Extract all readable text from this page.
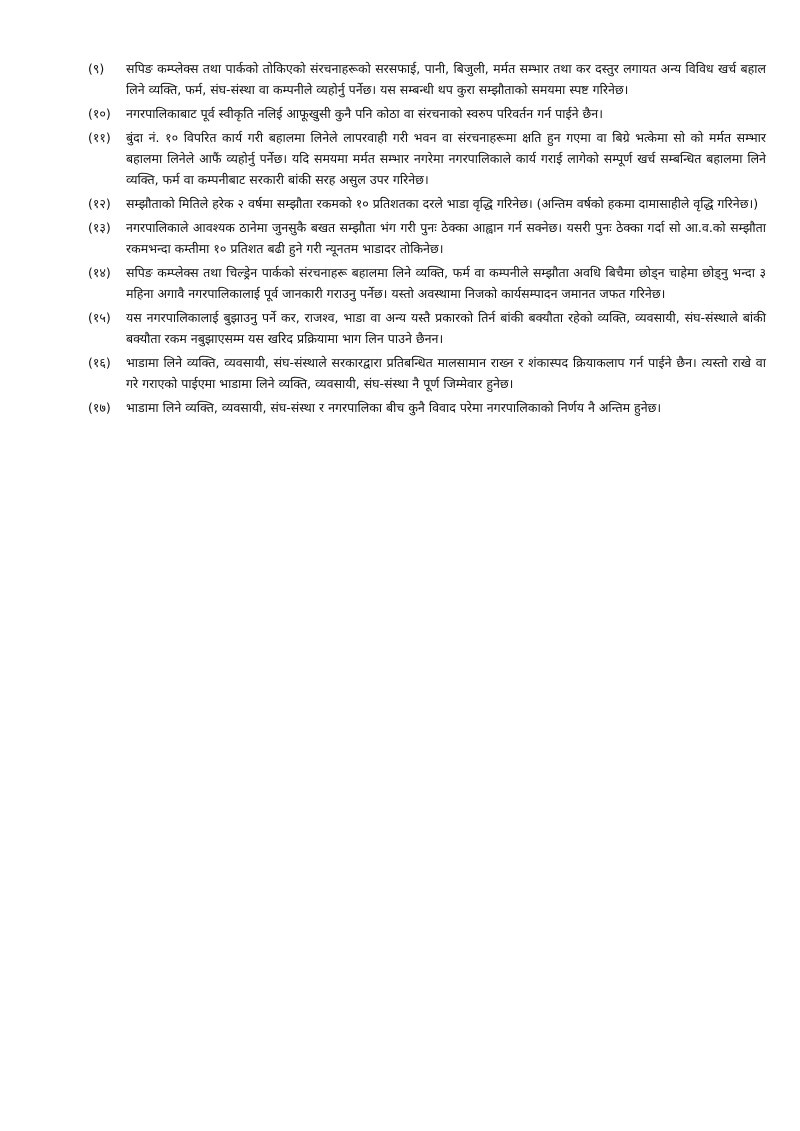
(९)	सपिङ कम्प्लेक्स तथा पार्कको तोकिएको संरचनाहरूको सरसफाई, पानी, बिजुली, मर्मत सम्भार तथा कर दस्तुर लगायत अन्य विविध खर्च बहाल लिने व्यक्ति, फर्म, संघ-संस्था वा कम्पनीले व्यहोर्नु पर्नेछ। यस सम्बन्धी थप कुरा सम्झौताको समयमा स्पष्ट गरिनेछ।
(१०)	नगरपालिकाबाट पूर्व स्वीकृति नलिई आफूखुसी कुनै पनि कोठा वा संरचनाको स्वरुप परिवर्तन गर्न पाईने छैन।
(११)	बुंदा नं. १० विपरित कार्य गरी बहालमा लिनेले लापरवाही गरी भवन वा संरचनाहरूमा क्षति हुन गएमा वा बिग्रे भत्केमा सो को मर्मत सम्भार बहालमा लिनेले आफैं व्यहोर्नु पर्नेछ। यदि समयमा मर्मत सम्भार नगरेमा नगरपालिकाले कार्य गराई लागेको सम्पूर्ण खर्च सम्बन्धित बहालमा लिने व्यक्ति, फर्म वा कम्पनीबाट सरकारी बांकी सरह असुल उपर गरिनेछ।
(१२)	सम्झौताको मितिले हरेक २ वर्षमा सम्झौता रकमको १० प्रतिशतका दरले भाडा वृद्धि गरिनेछ। (अन्तिम वर्षको हकमा दामासाहीले वृद्धि गरिनेछ।)
(१३)	नगरपालिकाले आवश्यक ठानेमा जुनसुकै बखत सम्झौता भंग गरी पुनः ठेक्का आह्वान गर्न सक्नेछ। यसरी पुनः ठेक्का गर्दा सो आ.व.को सम्झौता रकमभन्दा कम्तीमा १० प्रतिशत बढी हुने गरी न्यूनतम भाडादर तोकिनेछ।
(१४)	सपिङ कम्प्लेक्स तथा चिल्ड्रेन पार्कको संरचनाहरू बहालमा लिने व्यक्ति, फर्म वा कम्पनीले सम्झौता अवधि बिचैमा छोड्न चाहेमा छोड्नु भन्दा ३ महिना अगावै नगरपालिकालाई पूर्व जानकारी गराउनु पर्नेछ। यस्तो अवस्थामा निजको कार्यसम्पादन जमानत जफत गरिनेछ।
(१५)	यस नगरपालिकालाई बुझाउनु पर्ने कर, राजश्व, भाडा वा अन्य यस्तै प्रकारको तिर्न बांकी बक्यौता रहेको व्यक्ति, व्यवसायी, संघ-संस्थाले बांकी बक्यौता रकम नबुझाएसम्म यस खरिद प्रक्रियामा भाग लिन पाउने छैनन।
(१६)	भाडामा लिने व्यक्ति, व्यवसायी, संघ-संस्थाले सरकारद्वारा प्रतिबन्धित मालसामान राख्न र शंकास्पद क्रियाकलाप गर्न पाईने छैन। त्यस्तो राखे वा गरे गराएको पाईएमा भाडामा लिने व्यक्ति, व्यवसायी, संघ-संस्था नै पूर्ण जिम्मेवार हुनेछ।
(१७)	भाडामा लिने व्यक्ति, व्यवसायी, संघ-संस्था र नगरपालिका बीच कुनै विवाद परेमा नगरपालिकाको निर्णय नै अन्तिम हुनेछ।
